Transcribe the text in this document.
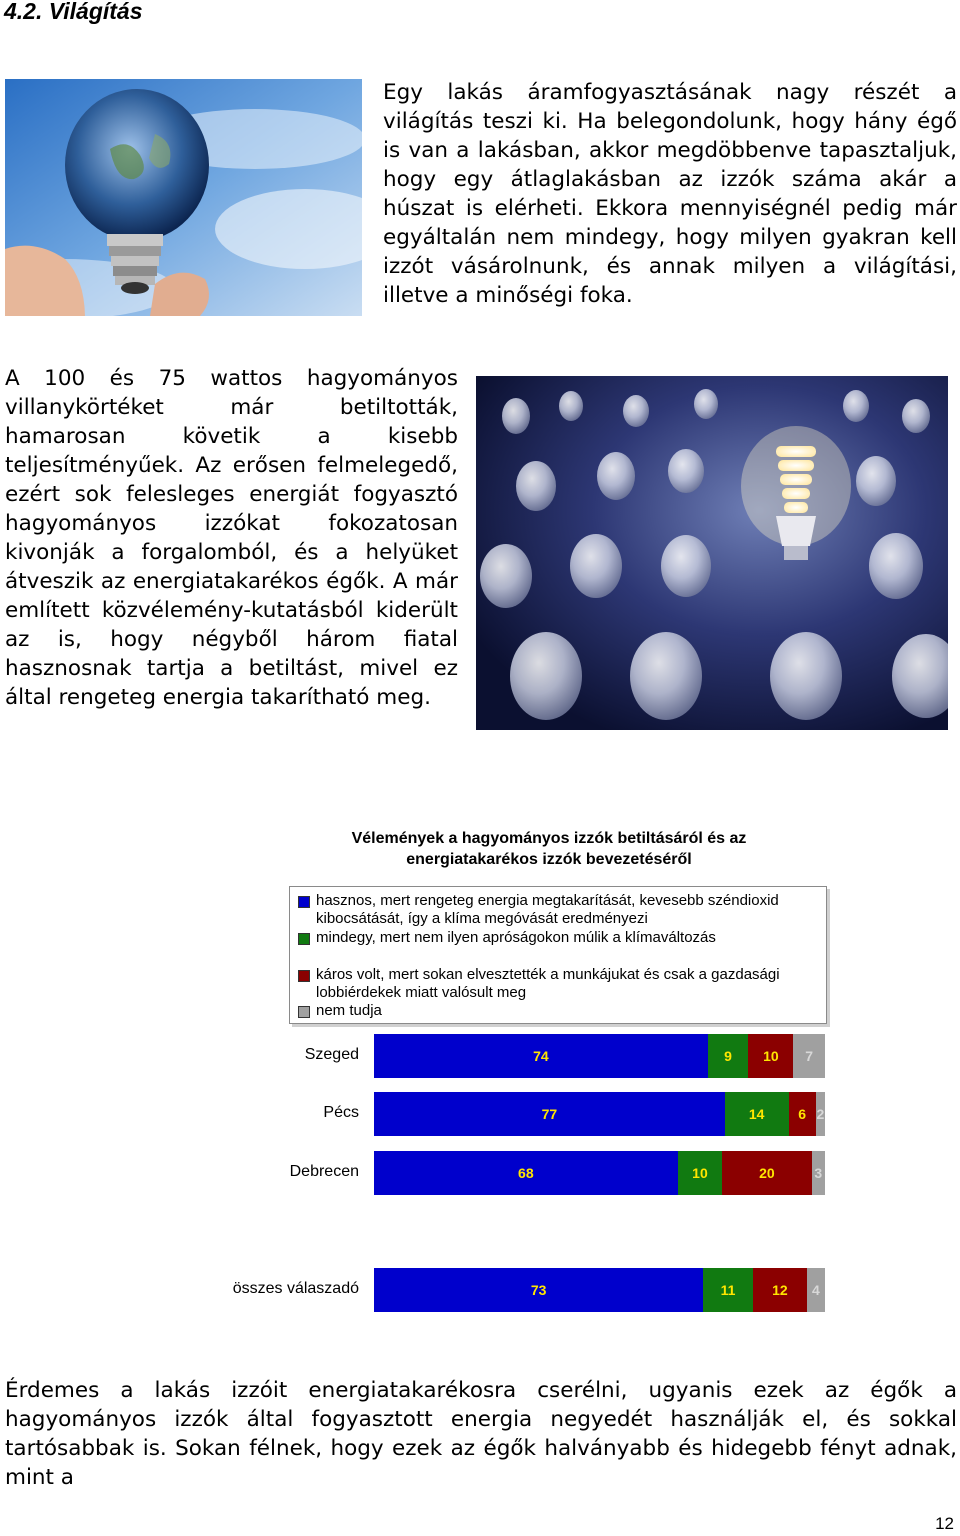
4.2. Világítás

Egy lakás áramfogyasztásának nagy részét a világítás teszi ki. Ha belegondolunk, hogy hány égő is van a lakásban, akkor megdöbbenve tapasztaljuk, hogy egy átlaglakásban az izzók száma akár a húszat is elérheti. Ekkora mennyiségnél pedig már egyáltalán nem mindegy, hogy milyen gyakran kell izzót vásárolnunk, és annak milyen a világítási, illetve a minőségi foka.

A 100 és 75 wattos hagyományos villanykörtéket már betiltották, hamarosan követik a kisebb teljesítményűek. Az erősen felmelegedő, ezért sok felesleges energiát fogyasztó hagyományos izzókat fokozatosan kivonják a forgalomból, és a helyüket átveszik az energiatakarékos égők. A már említett közvélemény-kutatásból kiderült az is, hogy négyből három fiatal hasznosnak tartja a betiltást, mivel ez által rengeteg energia takarítható meg.

Vélemények a hagyományos izzók betiltásáról és az energiatakarékos izzók bevezetéséről
hasznos, mert rengeteg energia megtakarítását, kevesebb széndioxid kibocsátását, így a klíma megóvását eredményezi
mindegy, mert nem ilyen apróságokon múlik a klímaváltozás
káros volt, mert sokan elvesztették a munkájukat és csak a gazdasági lobbiérdekek miatt valósult meg
nem tudja
Szeged	74	9 10 7
Pécs	77	14 6 2
Debrecen	68	10	20	3
összes válaszadó	73	11	12 4

Érdemes a lakás izzóit energiatakarékosra cserélni, ugyanis ezek az égők a hagyományos izzók által fogyasztott energia negyedét használják el, és sokkal tartósabbak is. Sokan félnek, hogy ezek az égők halványabb és hidegebb fényt adnak, mint a

12
